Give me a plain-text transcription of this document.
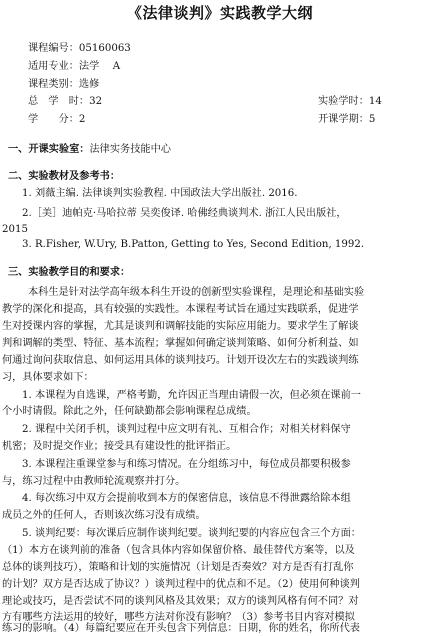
《法律谈判》实践教学大纲
课程编号：05160063
适用专业：法学　 A
课程类别：选修
总　学　时：32	实验学时：14
学　　分：2	开课学期：5
一、开课实验室：法律实务技能中心
二、实验教材及参考书：
1. 刘薇主编. 法律谈判实验教程. 中国政法大学出版社. 2016.
2.［美］迪帕克·马哈拉蒂 吴奕俊译. 哈佛经典谈判术. 浙江人民出版社，
2015
3. R.Fisher, W.Ury, B.Patton, Getting to Yes, Second Edition, 1992.
三、实验教学目的和要求：
本科生是针对法学高年级本科生开设的创新型实验课程，是理论和基础实验
教学的深化和提高，具有较强的实践性。本课程考试旨在通过实践联系，促进学
生对授课内容的掌握，尤其是谈判和调解技能的实际应用能力。要求学生了解谈
判和调解的类型、特征、基本流程；掌握如何确定谈判策略、如何分析利益、如
何通过询问获取信息、如何运用具体的谈判技巧。计划开设次左右的实践谈判练
习，具体要求如下：
1. 本课程为自选课，严格考勤，允许因正当理由请假一次，但必须在课前一
个小时请假。除此之外，任何缺勤都会影响课程总成绩。
2. 课程中关闭手机，谈判过程中应文明有礼、互相合作；对相关材料保守
机密；及时提交作业；接受具有建设性的批评指正。
3. 本课程注重课堂参与和练习情况。在分组练习中，每位成员都要积极参
与，练习过程中由教师轮流观察并打分。
4. 每次练习中双方会提前收到本方的保密信息，该信息不得泄露给除本组
成员之外的任何人，否则该次练习没有成绩。
5. 谈判纪要：每次课后应制作谈判纪要。谈判纪要的内容应包含三个方面：
（1）本方在谈判前的准备（包含具体内容如保留价格、最佳替代方案等，以及
总体的谈判技巧），策略和计划的实施情况（计划是否奏效？对方是否有打乱你
的计划？双方是否达成了协议？）谈判过程中的优点和不足。（2）使用何种谈判
理论或技巧，是否尝试不同的谈判风格及其效果；双方的谈判风格有何不同？对
方有哪些方法运用的较好，哪些方法对你没有影响？（3）参考书目内容对模拟
练习的影响。（4）每篇纪要应在开头包含下列信息：日期，你的姓名，你所代表
